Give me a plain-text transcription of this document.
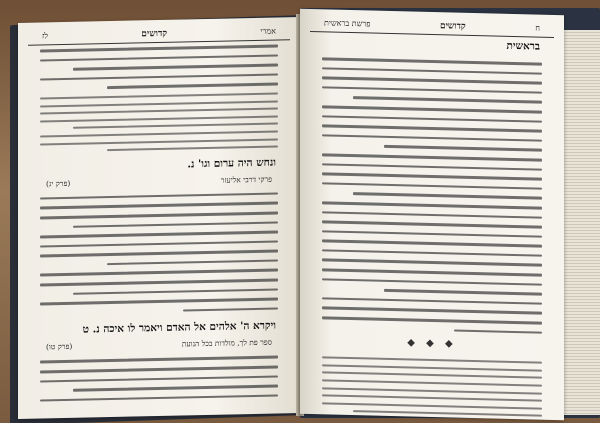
לז	קדושים	אמרי
ונחש היה ערום וגו' נ.
פרקי דרבי אליעזר
(פרק יג)
ויקרא ה' אלהים אל האדם ויאמר לו איכה נ. ט
ספר פת לך, מולדות בכל הנועת
(פרק טו)
פרשת בראשית	קדושים	ח
בראשית
◆ ◆ ◆
